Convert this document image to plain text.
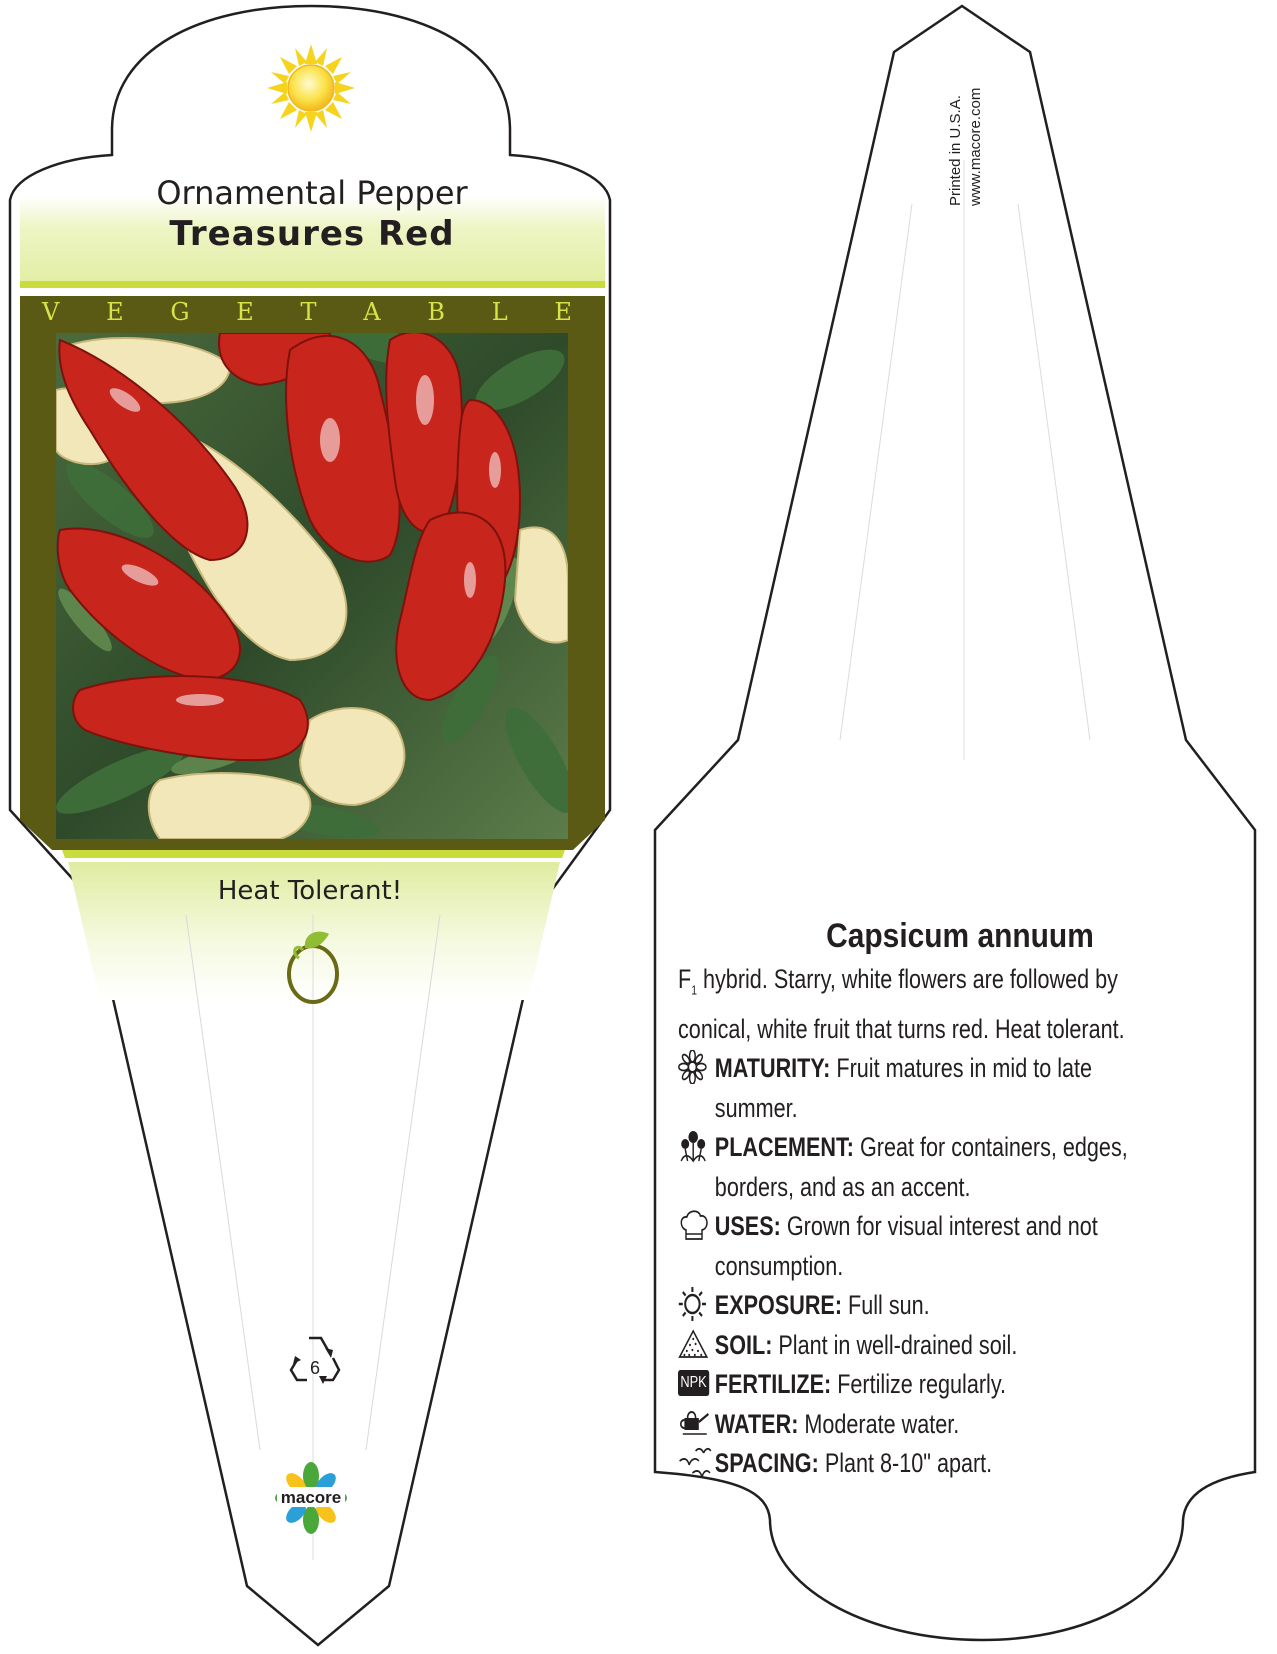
Ornamental Pepper
Treasures Red
V E G E T A B L E
Heat Tolerant!
6
macore
Printed in U.S.A. www.macore.com
Capsicum annuum

$F_1$ hybrid. Starry, white flowers are followed by conical, white fruit that turns red. Heat tolerant.

MATURITY: Fruit matures in mid to late summer.
PLACEMENT: Great for containers, edges, borders, and as an accent.
USES: Grown for visual interest and not consumption.
EXPOSURE: Full sun.
SOIL: Plant in well-drained soil.
NPK FERTILIZE: Fertilize regularly.
WATER: Moderate water.
SPACING: Plant 8-10" apart.
